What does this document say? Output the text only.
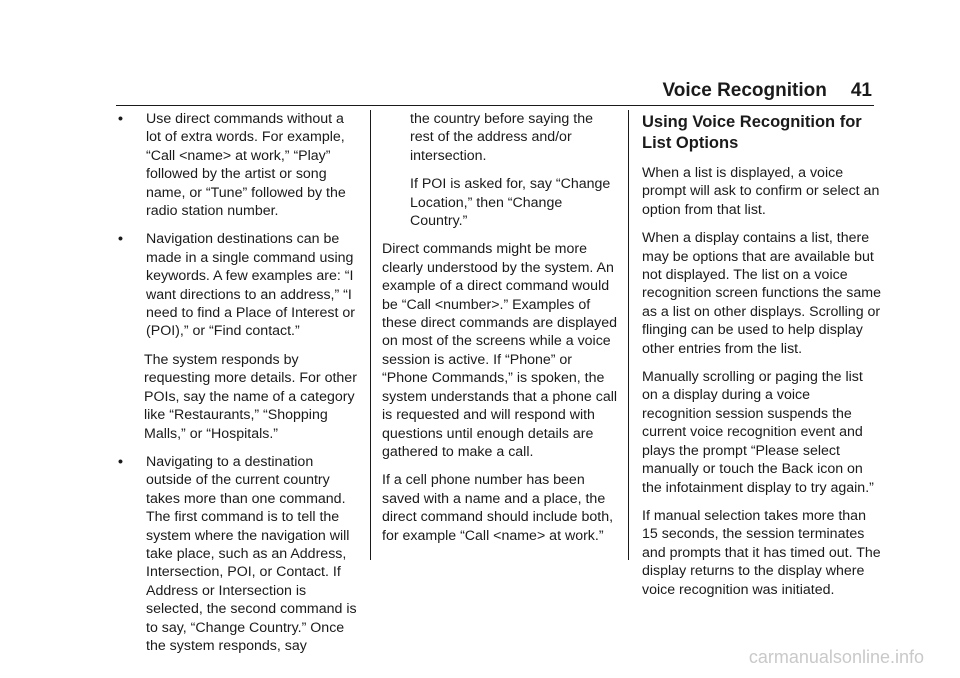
Voice Recognition 41
•	Use direct commands without a lot of extra words. For example, “Call <name> at work,” “Play” followed by the artist or song name, or “Tune” followed by the radio station number.
•	Navigation destinations can be made in a single command using keywords. A few examples are: “I want directions to an address,” “I need to find a Place of Interest or (POI),” or “Find contact.”
The system responds by requesting more details. For other POIs, say the name of a category like “Restaurants,” “Shopping Malls,” or “Hospitals.”
•	Navigating to a destination outside of the current country takes more than one command. The first command is to tell the system where the navigation will take place, such as an Address, Intersection, POI, or Contact. If Address or Intersection is selected, the second command is to say, “Change Country.” Once the system responds, say
the country before saying the rest of the address and/or intersection.
If POI is asked for, say “Change Location,” then “Change Country.”

Direct commands might be more clearly understood by the system. An example of a direct command would be “Call <number>.” Examples of these direct commands are displayed on most of the screens while a voice session is active. If “Phone” or “Phone Commands,” is spoken, the system understands that a phone call is requested and will respond with questions until enough details are gathered to make a call.

If a cell phone number has been saved with a name and a place, the direct command should include both, for example “Call <name> at work.”

Using Voice Recognition for List Options

When a list is displayed, a voice prompt will ask to confirm or select an option from that list.

When a display contains a list, there may be options that are available but not displayed. The list on a voice recognition screen functions the same as a list on other displays. Scrolling or flinging can be used to help display other entries from the list.

Manually scrolling or paging the list on a display during a voice recognition session suspends the current voice recognition event and plays the prompt “Please select manually or touch the Back icon on the infotainment display to try again.”

If manual selection takes more than 15 seconds, the session terminates and prompts that it has timed out. The display returns to the display where voice recognition was initiated.

carmanualsonline.info
